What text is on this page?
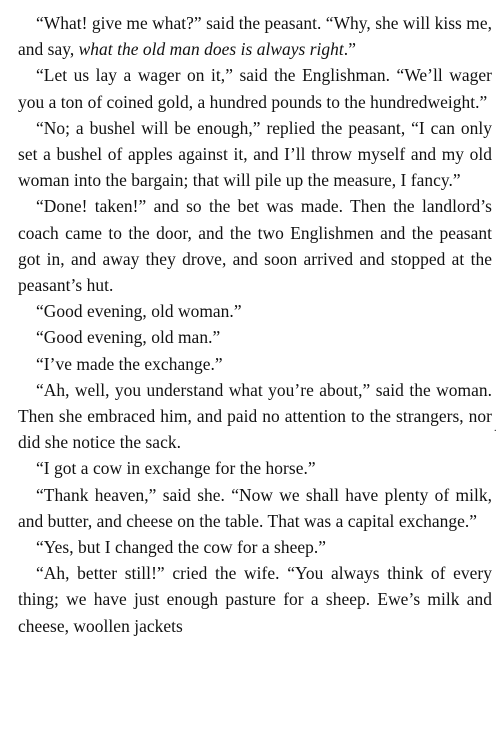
“What! give me what?” said the peasant. “Why, she will kiss me, and say, what the old man does is always right.”

“Let us lay a wager on it,” said the Englishman. “We’ll wager you a ton of coined gold, a hundred pounds to the hundredweight.”

“No; a bushel will be enough,” replied the peasant, “I can only set a bushel of apples against it, and I’ll throw myself and my old woman into the bargain; that will pile up the measure, I fancy.”

“Done! taken!” and so the bet was made. Then the landlord’s coach came to the door, and the two Englishmen and the peasant got in, and away they drove, and soon arrived and stopped at the peasant’s hut.

“Good evening, old woman.”

“Good evening, old man.”

“I’ve made the exchange.”

“Ah, well, you understand what you’re about,” said the woman. Then she embraced him, and paid no attention to the strangers, nor did she notice the sack.

“I got a cow in exchange for the horse.”

“Thank heaven,” said she. “Now we shall have plenty of milk, and butter, and cheese on the table. That was a capital exchange.”

“Yes, but I changed the cow for a sheep.”

“Ah, better still!” cried the wife. “You always think of every thing; we have just enough pasture for a sheep. Ewe’s milk and cheese, woollen jackets

.
